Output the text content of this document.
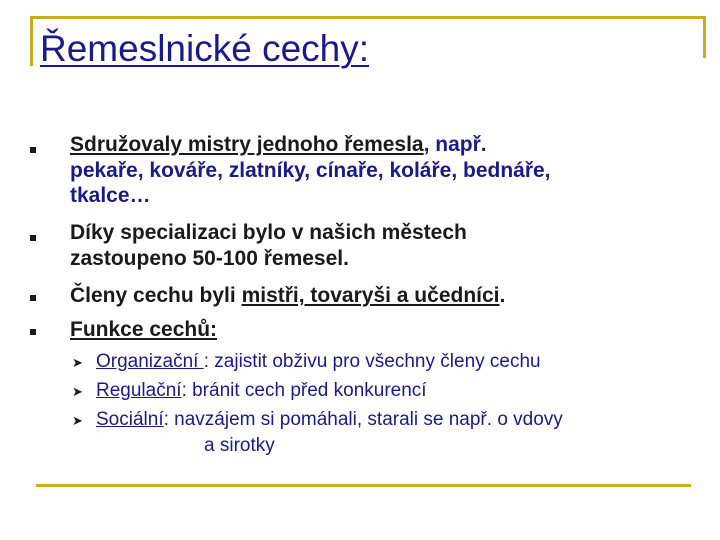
Řemeslnické cechy:
Sdružovaly mistry jednoho řemesla, např.
pekaře, kováře, zlatníky, cínaře, koláře, bednáře,
tkalce…
Díky specializaci bylo v našich městech
zastoupeno 50-100 řemesel.
Členy cechu byli mistři, tovaryši a učedníci.
Funkce cechů:
➤ Organizační : zajistit obživu pro všechny členy cechu
➤ Regulační: bránit cech před konkurencí
➤ Sociální: navzájem si pomáhali, starali se např. o vdovy
a sirotky
